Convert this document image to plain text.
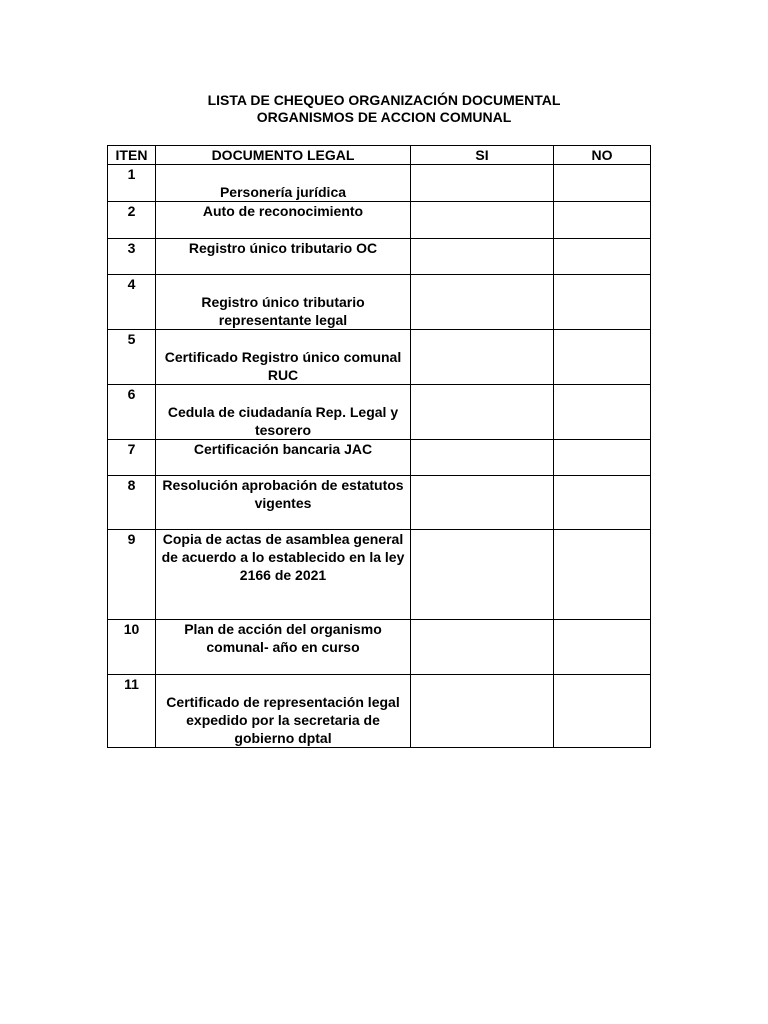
LISTA DE CHEQUEO ORGANIZACIÓN DOCUMENTAL
ORGANISMOS DE ACCION COMUNAL
ITEN	DOCUMENTO LEGAL	SI	NO
1	Personería jurídica		
2	Auto de reconocimiento		
3	Registro único tributario OC		
4	Registro único tributario representante legal		
5	Certificado Registro único comunal RUC		
6	Cedula de ciudadanía Rep. Legal y tesorero		
7	Certificación bancaria JAC		
8	Resolución aprobación de estatutos vigentes		
9	Copia de actas de asamblea general de acuerdo a lo establecido en la ley 2166 de 2021		
10	Plan de acción del organismo comunal- año en curso		
11	Certificado de representación legal expedido por la secretaria de gobierno dptal		
